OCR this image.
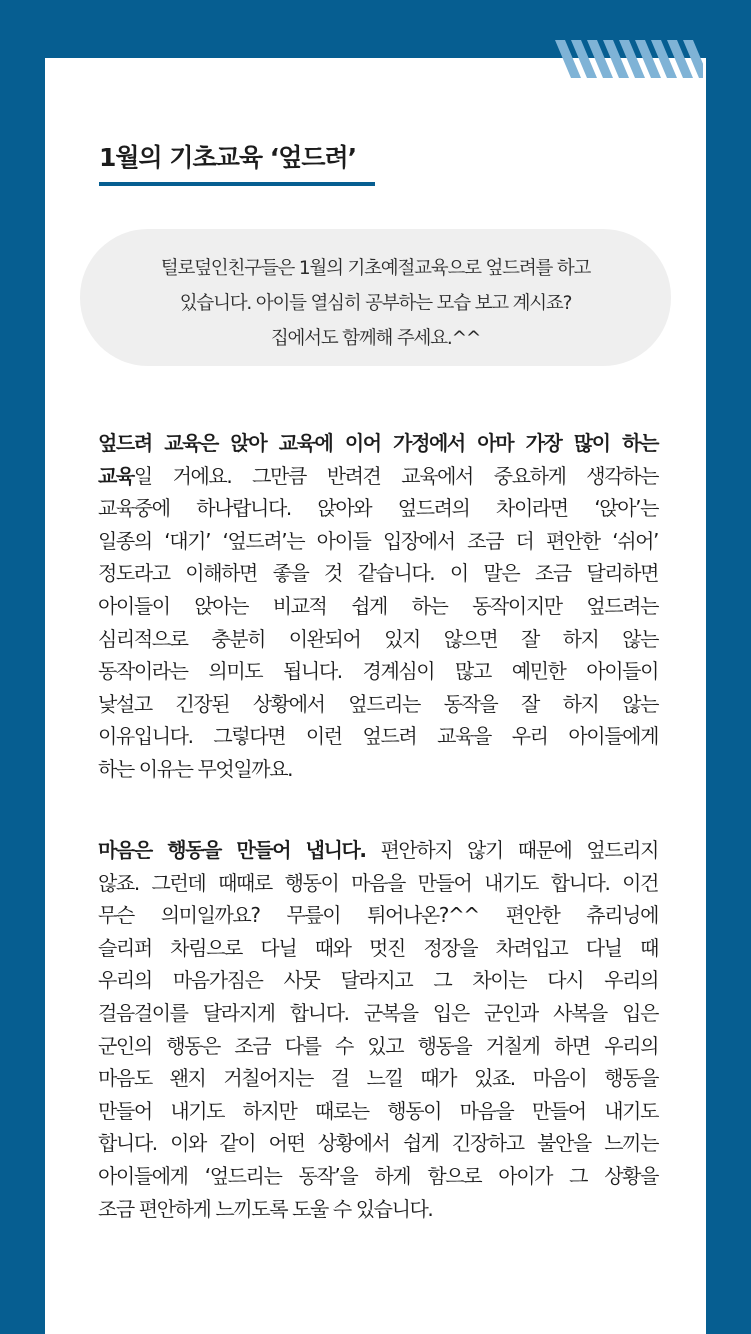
1월의 기초교육 ‘엎드려’
털로덮인친구들은 1월의 기초예절교육으로 엎드려를 하고
있습니다. 아이들 열심히 공부하는 모습 보고 계시죠?
집에서도 함께해 주세요.^^
엎드려 교육은 앉아 교육에 이어 가정에서 아마 가장 많이 하는
교육일 거에요. 그만큼 반려견 교육에서 중요하게 생각하는
교육중에 하나랍니다. 앉아와 엎드려의 차이라면 ‘앉아’는
일종의 ‘대기’ ‘엎드려’는 아이들 입장에서 조금 더 편안한 ‘쉬어’
정도라고 이해하면 좋을 것 같습니다. 이 말은 조금 달리하면
아이들이 앉아는 비교적 쉽게 하는 동작이지만 엎드려는
심리적으로 충분히 이완되어 있지 않으면 잘 하지 않는
동작이라는 의미도 됩니다. 경계심이 많고 예민한 아이들이
낯설고 긴장된 상황에서 엎드리는 동작을 잘 하지 않는
이유입니다. 그렇다면 이런 엎드려 교육을 우리 아이들에게
하는 이유는 무엇일까요.
마음은 행동을 만들어 냅니다. 편안하지 않기 때문에 엎드리지
않죠. 그런데 때때로 행동이 마음을 만들어 내기도 합니다. 이건
무슨 의미일까요? 무릎이 튀어나온?^^ 편안한 츄리닝에
슬리퍼 차림으로 다닐 때와 멋진 정장을 차려입고 다닐 때
우리의 마음가짐은 사뭇 달라지고 그 차이는 다시 우리의
걸음걸이를 달라지게 합니다. 군복을 입은 군인과 사복을 입은
군인의 행동은 조금 다를 수 있고 행동을 거칠게 하면 우리의
마음도 왠지 거칠어지는 걸 느낄 때가 있죠. 마음이 행동을
만들어 내기도 하지만 때로는 행동이 마음을 만들어 내기도
합니다. 이와 같이 어떤 상황에서 쉽게 긴장하고 불안을 느끼는
아이들에게 ‘엎드리는 동작’을 하게 함으로 아이가 그 상황을
조금 편안하게 느끼도록 도울 수 있습니다.
